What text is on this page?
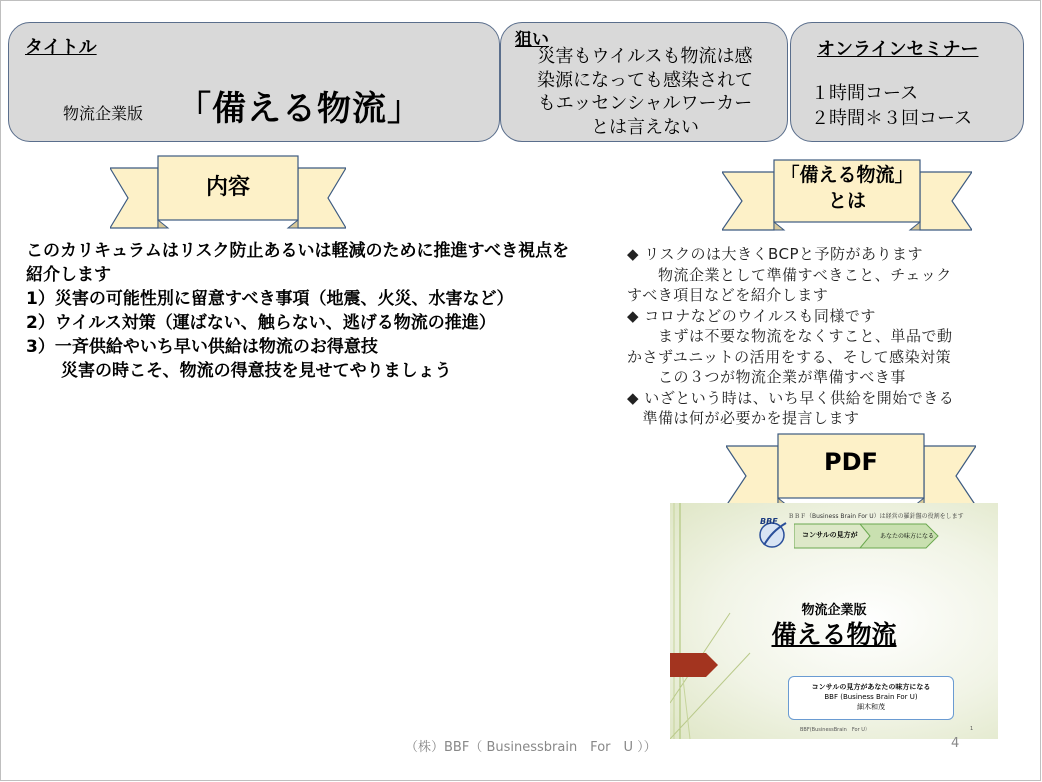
タイトル
物流企業版 「備える物流」
狙い
災害もウイルスも物流は感
染源になっても感染されて
もエッセンシャルワーカー
とは言えない
オンラインセミナー
１時間コース
２時間＊３回コース
内容	「備える物流」
とは
このカリキュラムはリスク防止あるいは軽減のために推進すべき視点を
紹介します
1）災害の可能性別に留意すべき事項（地震、火災、水害など）
2）ウイルス対策（運ばない、触らない、逃げる物流の推進）
3）一斉供給やいち早い供給は物流のお得意技
　災害の時こそ、物流の得意技を見せてやりましょう
◆ リスクのは大きくBCPと予防があります
　　物流企業として準備すべきこと、チェック
すべき項目などを紹介します
◆ コロナなどのウイルスも同様です
　　まずは不要な物流をなくすこと、単品で動
かさずユニットの活用をする、そして感染対策
　　この３つが物流企業が準備すべき事
◆ いざという時は、いち早く供給を開始できる
　準備は何が必要かを提言します
PDF
ＢＢＦ（Business Brain For U）は経営の羅針盤の役割をします
BBF
コンサルの見方が	あなたの味方になる
物流企業版
備える物流
コンサルの見方があなたの味方になる
BBF (Business Brain For U)
細木和茂
BBF(BusinessBrain　For U）	1
（株）BBF（ Businessbrain　For　U ））	4
